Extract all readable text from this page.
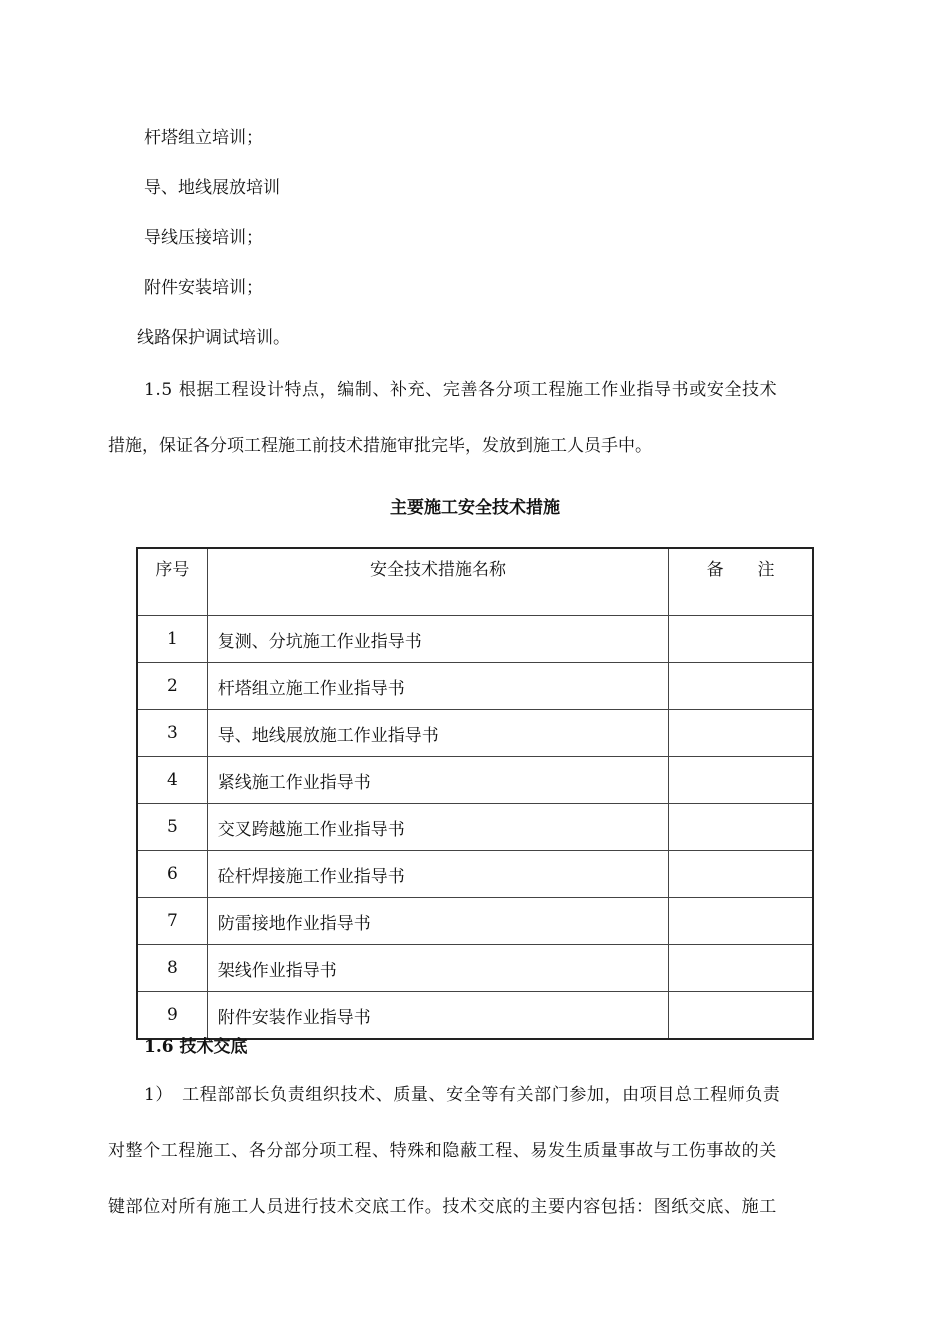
杆塔组立培训；
导、地线展放培训
导线压接培训；
附件安装培训；
线路保护调试培训。
1.5 根据工程设计特点，编制、补充、完善各分项工程施工作业指导书或安全技术
措施，保证各分项工程施工前技术措施审批完毕，发放到施工人员手中。
主要施工安全技术措施
序号	安全技术措施名称	备　　注
1	复测、分坑施工作业指导书	
2	杆塔组立施工作业指导书	
3	导、地线展放施工作业指导书	
4	紧线施工作业指导书	
5	交叉跨越施工作业指导书	
6	砼杆焊接施工作业指导书	
7	防雷接地作业指导书	
8	架线作业指导书	
9	附件安装作业指导书	
1.6 技术交底
1）　工程部部长负责组织技术、质量、安全等有关部门参加，由项目总工程师负责
对整个工程施工、各分部分项工程、特殊和隐蔽工程、易发生质量事故与工伤事故的关
键部位对所有施工人员进行技术交底工作。技术交底的主要内容包括：图纸交底、施工
